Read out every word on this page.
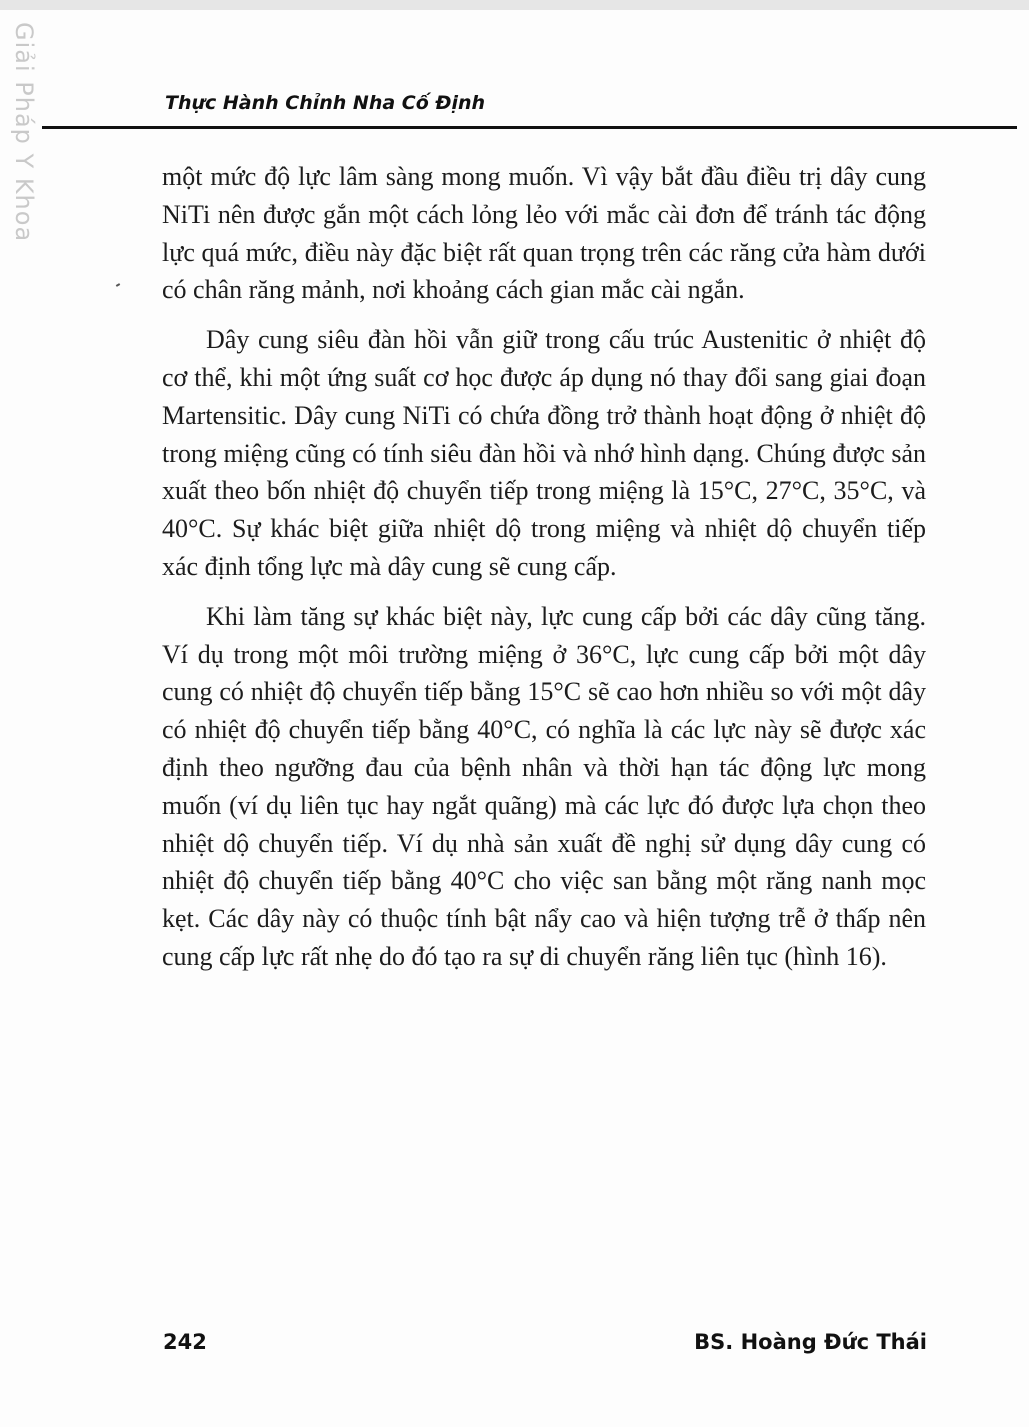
Giải Pháp Y Khoa	Thực Hành Chỉnh Nha Cố Định

một mức độ lực lâm sàng mong muốn. Vì vậy bắt đầu điều trị dây cung NiTi nên được gắn một cách lỏng lẻo với mắc cài đơn để tránh tác động lực quá mức, điều này đặc biệt rất quan trọng trên các răng cửa hàm dưới có chân răng mảnh, nơi khoảng cách gian mắc cài ngắn.

Dây cung siêu đàn hồi vẫn giữ trong cấu trúc Austenitic ở nhiệt độ cơ thể, khi một ứng suất cơ học được áp dụng nó thay đổi sang giai đoạn Martensitic. Dây cung NiTi có chứa đồng trở thành hoạt động ở nhiệt độ trong miệng cũng có tính siêu đàn hồi và nhớ hình dạng. Chúng được sản xuất theo bốn nhiệt độ chuyển tiếp trong miệng là 15°C, 27°C, 35°C, và 40°C. Sự khác biệt giữa nhiệt dộ trong miệng và nhiệt dộ chuyển tiếp xác định tổng lực mà dây cung sẽ cung cấp.

Khi làm tăng sự khác biệt này, lực cung cấp bởi các dây cũng tăng. Ví dụ trong một môi trường miệng ở 36°C, lực cung cấp bởi một dây cung có nhiệt độ chuyển tiếp bằng 15°C sẽ cao hơn nhiều so với một dây có nhiệt độ chuyển tiếp bằng 40°C, có nghĩa là các lực này sẽ được xác định theo ngưỡng đau của bệnh nhân và thời hạn tác động lực mong muốn (ví dụ liên tục hay ngắt quãng) mà các lực đó được lựa chọn theo nhiệt dộ chuyển tiếp. Ví dụ nhà sản xuất đề nghị sử dụng dây cung có nhiệt độ chuyển tiếp bằng 40°C cho việc san bằng một răng nanh mọc kẹt. Các dây này có thuộc tính bật nẩy cao và hiện tượng trễ ở thấp nên cung cấp lực rất nhẹ do đó tạo ra sự di chuyển răng liên tục (hình 16).

242	BS. Hoàng Đức Thái
